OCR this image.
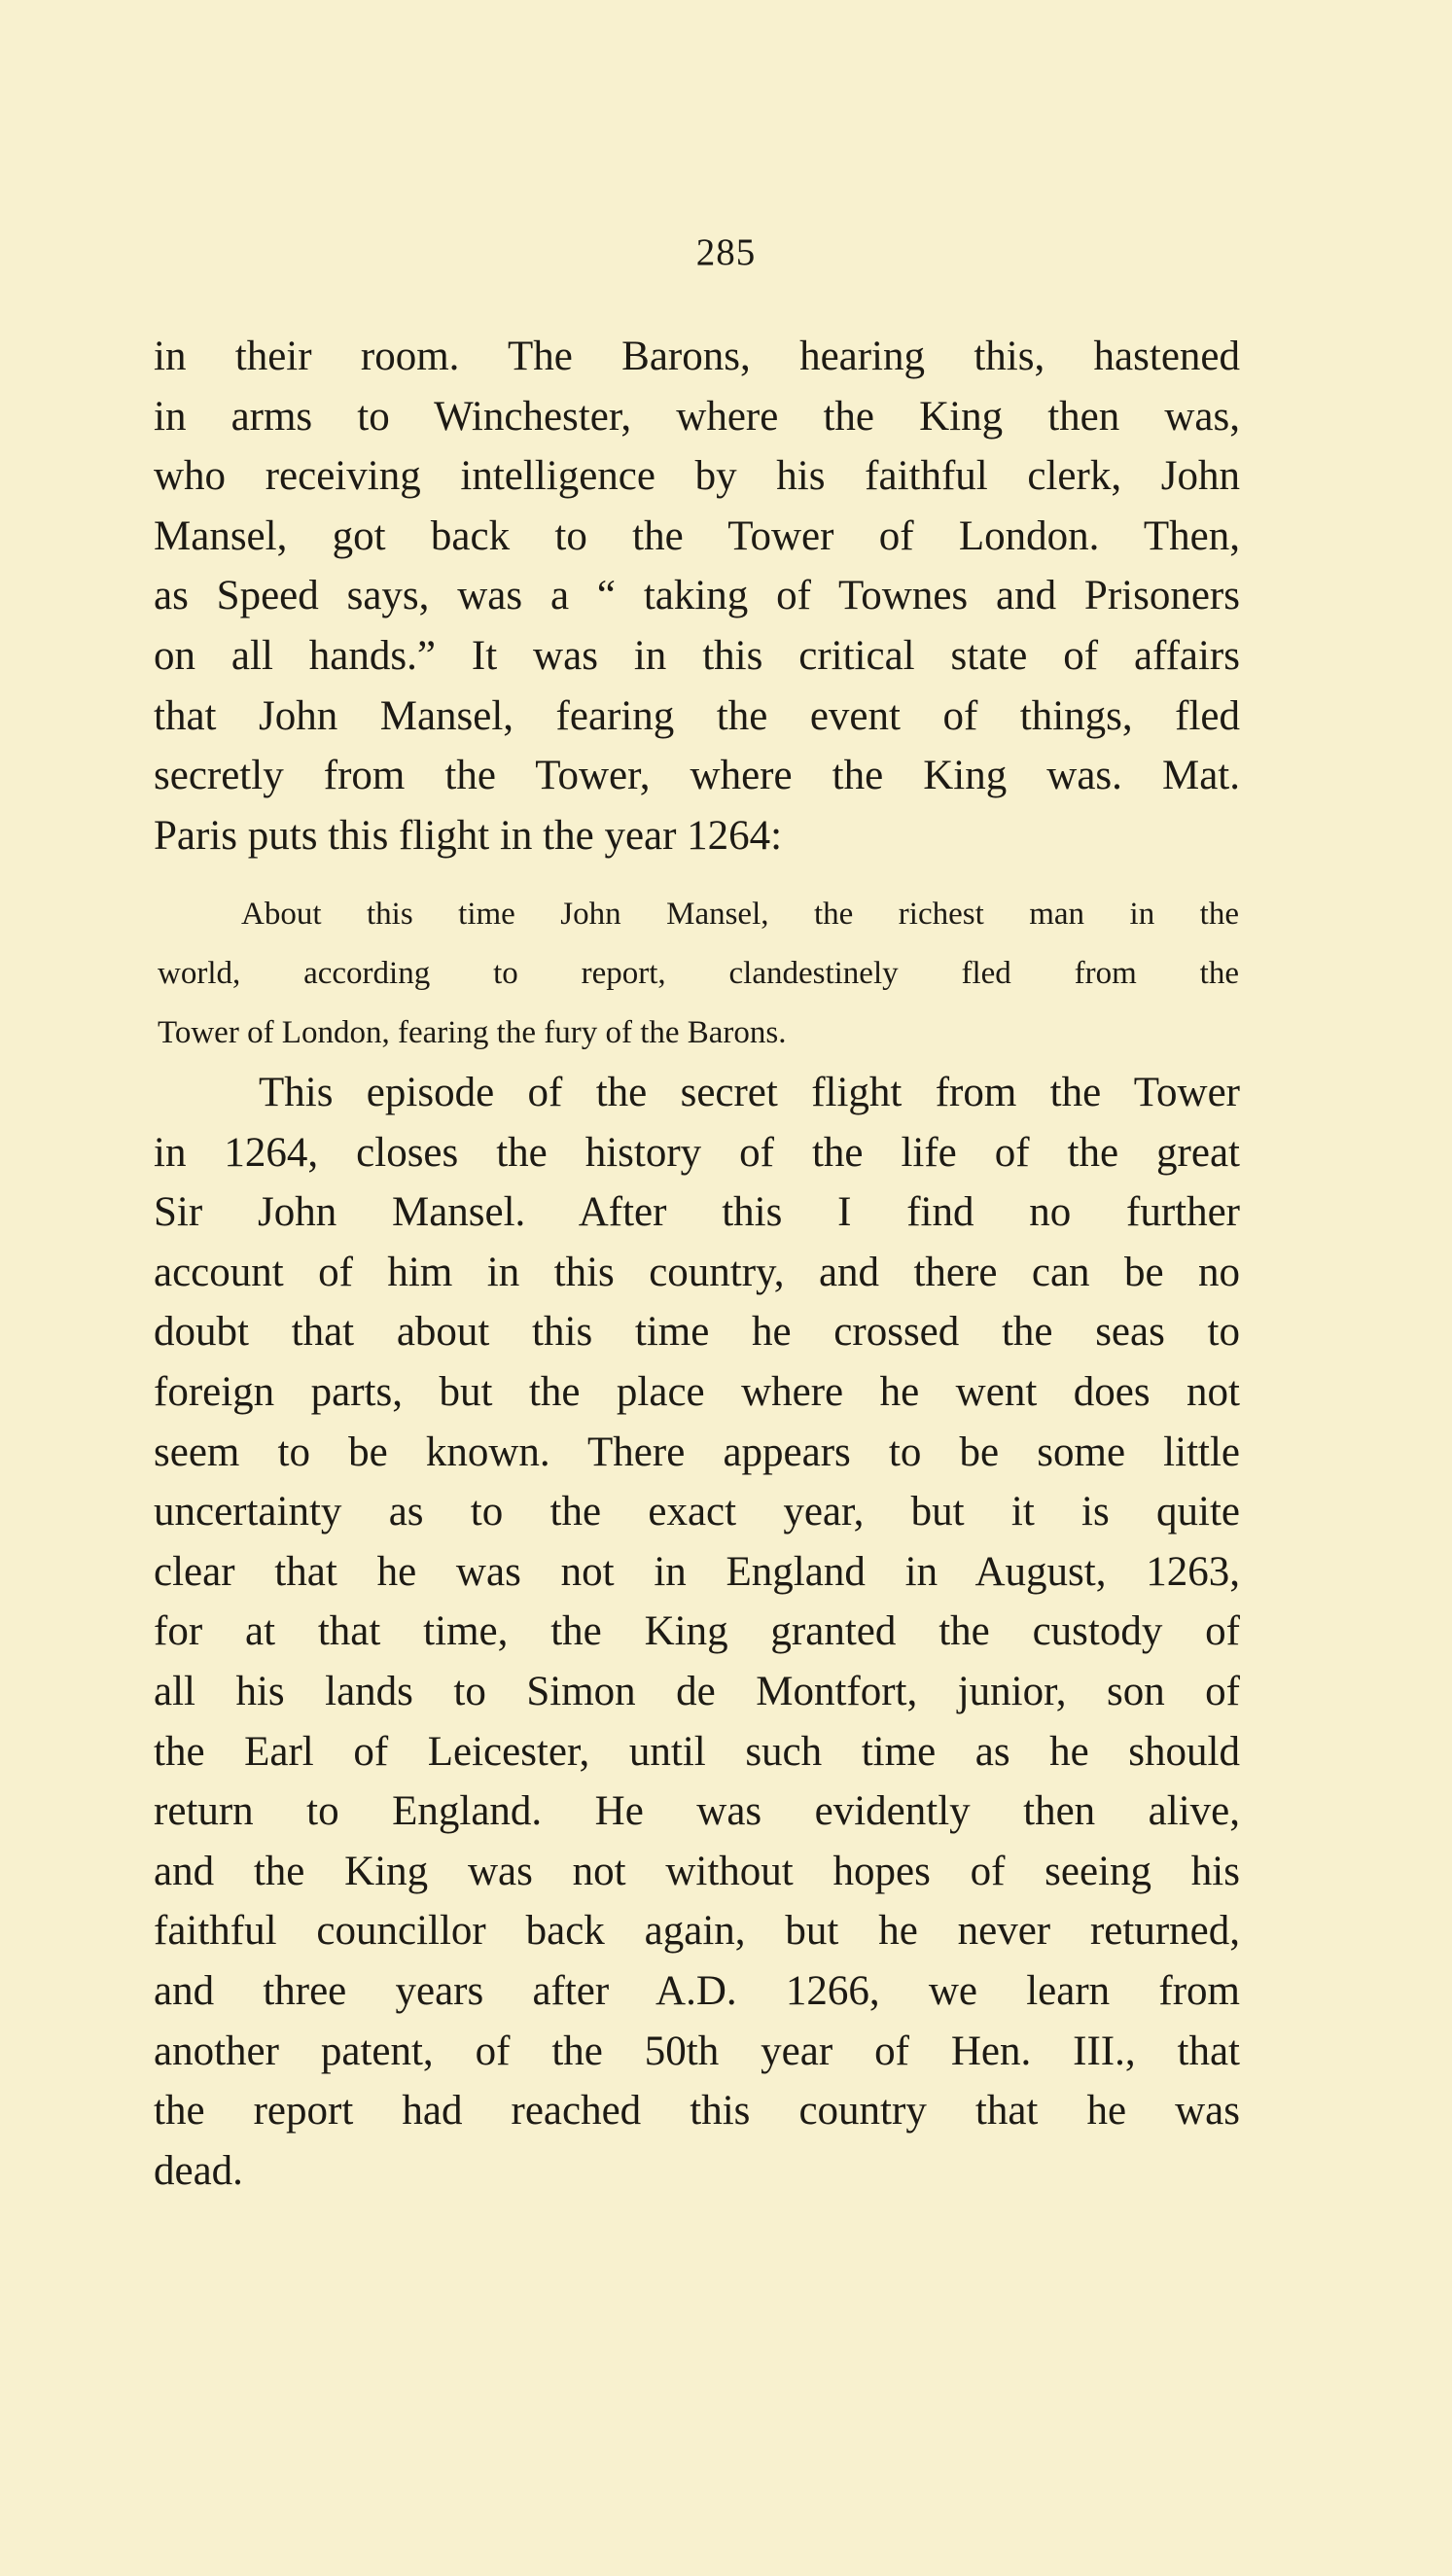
285
in their room. The Barons, hearing this, hastened
in arms to Winchester, where the King then was,
who receiving intelligence by his faithful clerk, John
Mansel, got back to the Tower of London. Then,
as Speed says, was a “ taking of Townes and Prisoners
on all hands.” It was in this critical state of affairs
that John Mansel, fearing the event of things, fled
secretly from the Tower, where the King was. Mat.
Paris puts this flight in the year 1264:
About this time John Mansel, the richest man in the
world, according to report, clandestinely fled from the
Tower of London, fearing the fury of the Barons.
This episode of the secret flight from the Tower
in 1264, closes the history of the life of the great
Sir John Mansel. After this I find no further
account of him in this country, and there can be no
doubt that about this time he crossed the seas to
foreign parts, but the place where he went does not
seem to be known. There appears to be some little
uncertainty as to the exact year, but it is quite
clear that he was not in England in August, 1263,
for at that time, the King granted the custody of
all his lands to Simon de Montfort, junior, son of
the Earl of Leicester, until such time as he should
return to England. He was evidently then alive,
and the King was not without hopes of seeing his
faithful councillor back again, but he never returned,
and three years after A.D. 1266, we learn from
another patent, of the 50th year of Hen. III., that
the report had reached this country that he was
dead.
